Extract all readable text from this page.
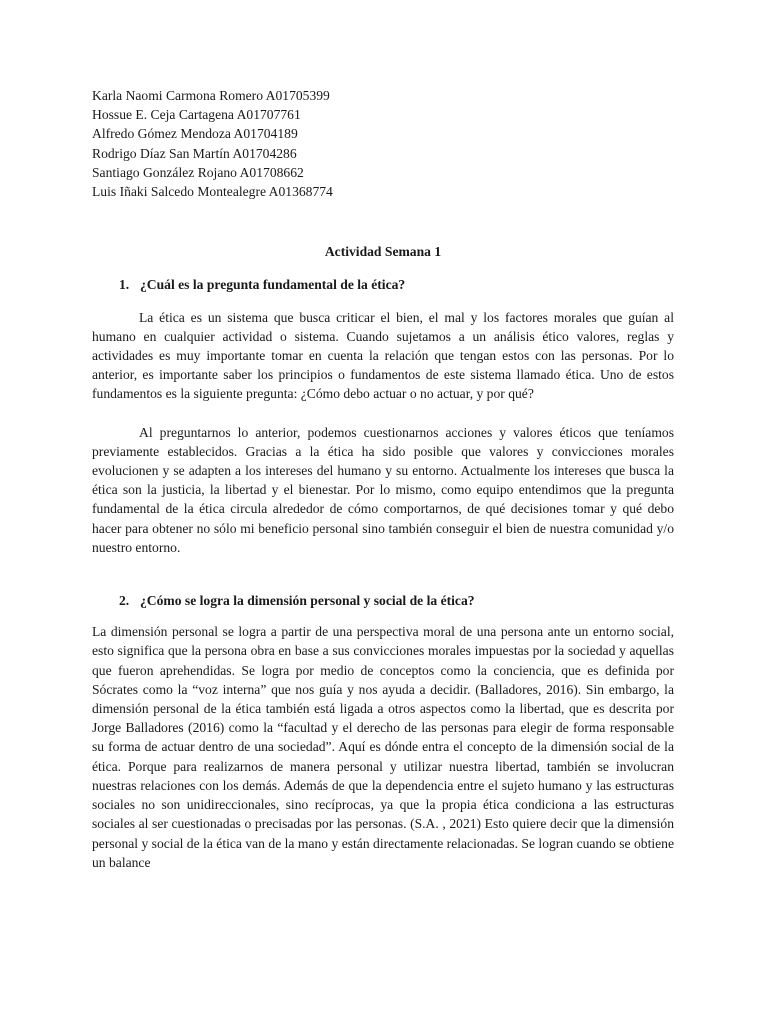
Karla Naomi Carmona Romero A01705399
Hossue E. Ceja Cartagena A01707761
Alfredo Gómez Mendoza A01704189
Rodrigo Díaz San Martín A01704286
Santiago González Rojano A01708662
Luis Iñaki Salcedo Montealegre A01368774

Actividad Semana 1

1. ¿Cuál es la pregunta fundamental de la ética?

La ética es un sistema que busca criticar el bien, el mal y los factores morales que guían al humano en cualquier actividad o sistema. Cuando sujetamos a un análisis ético valores, reglas y actividades es muy importante tomar en cuenta la relación que tengan estos con las personas. Por lo anterior, es importante saber los principios o fundamentos de este sistema llamado ética. Uno de estos fundamentos es la siguiente pregunta: ¿Cómo debo actuar o no actuar, y por qué?

Al preguntarnos lo anterior, podemos cuestionarnos acciones y valores éticos que teníamos previamente establecidos. Gracias a la ética ha sido posible que valores y convicciones morales evolucionen y se adapten a los intereses del humano y su entorno. Actualmente los intereses que busca la ética son la justicia, la libertad y el bienestar. Por lo mismo, como equipo entendimos que la pregunta fundamental de la ética circula alrededor de cómo comportarnos, de qué decisiones tomar y qué debo hacer para obtener no sólo mi beneficio personal sino también conseguir el bien de nuestra comunidad y/o nuestro entorno.

2. ¿Cómo se logra la dimensión personal y social de la ética?

La dimensión personal se logra a partir de una perspectiva moral de una persona ante un entorno social, esto significa que la persona obra en base a sus convicciones morales impuestas por la sociedad y aquellas que fueron aprehendidas. Se logra por medio de conceptos como la conciencia, que es definida por Sócrates como la “voz interna” que nos guía y nos ayuda a decidir. (Balladores, 2016). Sin embargo, la dimensión personal de la ética también está ligada a otros aspectos como la libertad, que es descrita por Jorge Balladores (2016) como la “facultad y el derecho de las personas para elegir de forma responsable su forma de actuar dentro de una sociedad”. Aquí es dónde entra el concepto de la dimensión social de la ética. Porque para realizarnos de manera personal y utilizar nuestra libertad, también se involucran nuestras relaciones con los demás. Además de que la dependencia entre el sujeto humano y las estructuras sociales no son unidireccionales, sino recíprocas, ya que la propia ética condiciona a las estructuras sociales al ser cuestionadas o precisadas por las personas. (S.A. , 2021) Esto quiere decir que la dimensión personal y social de la ética van de la mano y están directamente relacionadas. Se logran cuando se obtiene un balance
